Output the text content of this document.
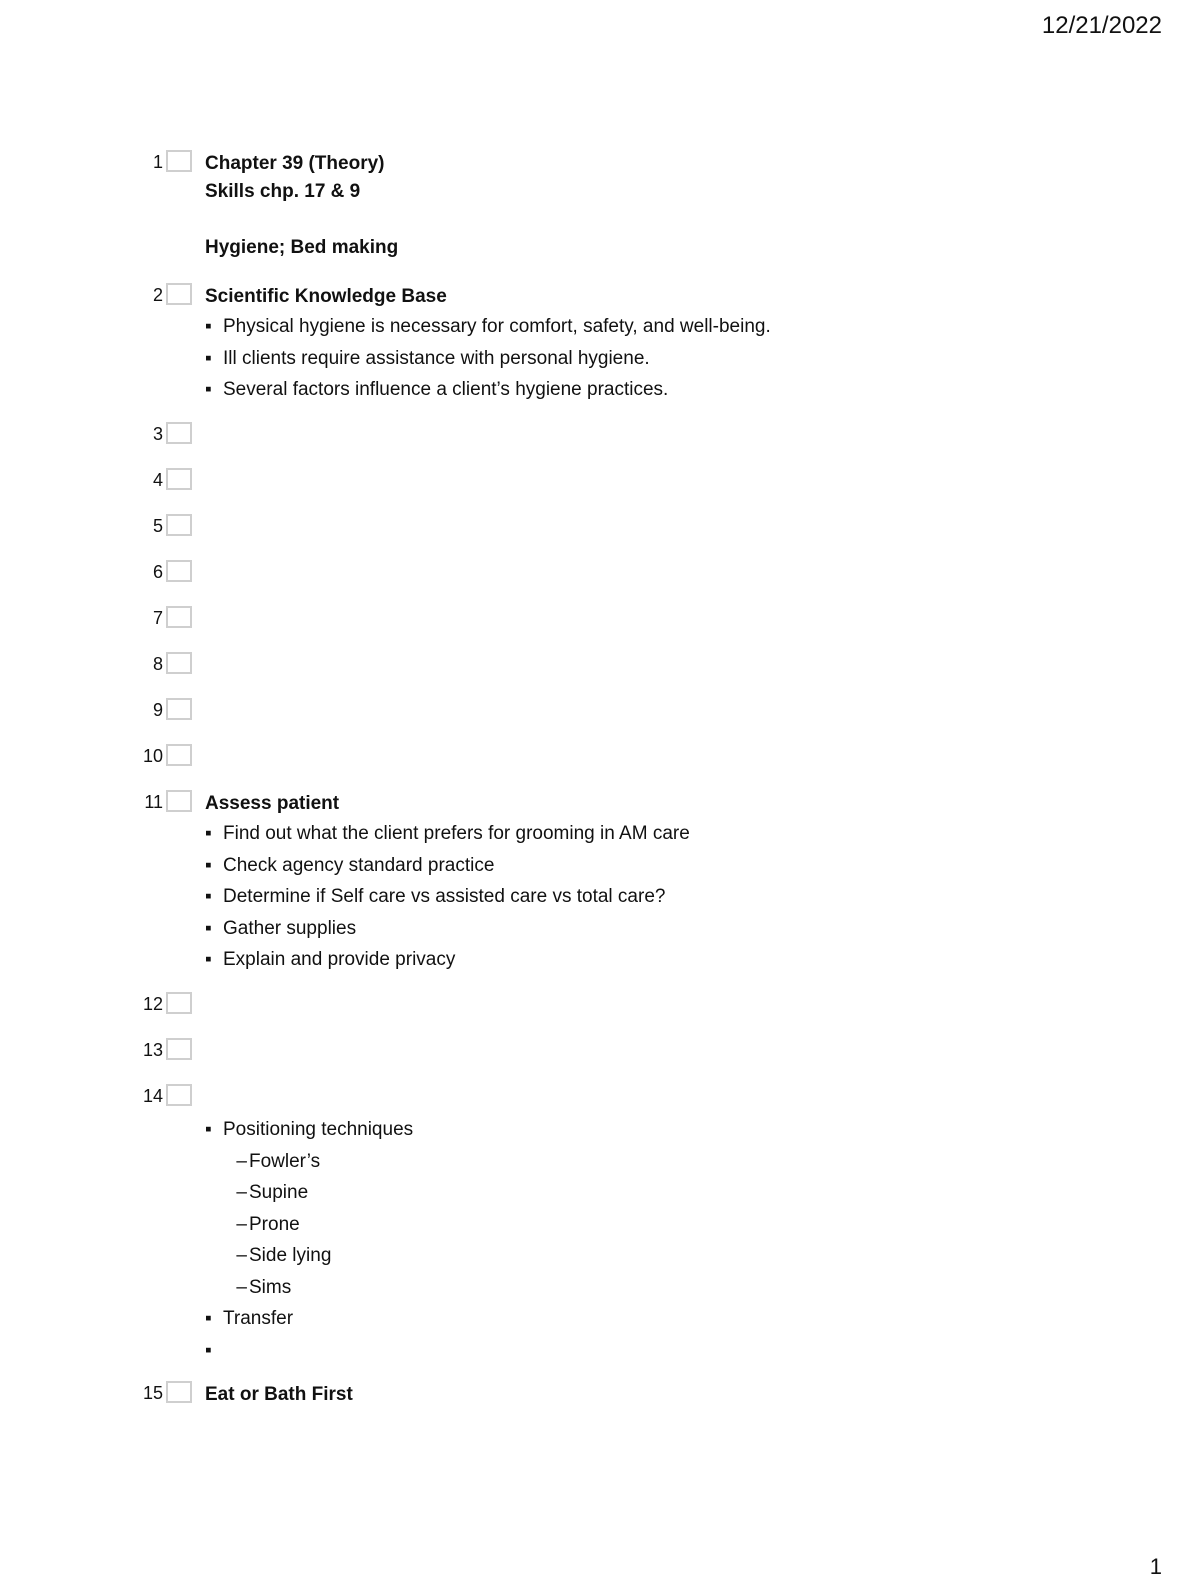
12/21/2022
1 Chapter 39 (Theory)
Skills chp. 17 & 9
Hygiene; Bed making
2 Scientific Knowledge Base
▪ Physical hygiene is necessary for comfort, safety, and well-being.
▪ Ill clients require assistance with personal hygiene.
▪ Several factors influence a client’s hygiene practices.
3
4
5
6
7
8
9
10
11 Assess patient
▪ Find out what the client prefers for grooming in AM care
▪ Check agency standard practice
▪ Determine if Self care vs assisted care vs total care?
▪ Gather supplies
▪ Explain and provide privacy
12
13
14
▪ Positioning techniques
– Fowler’s
– Supine
– Prone
– Side lying
– Sims
▪ Transfer
▪
15 Eat or Bath First
1
